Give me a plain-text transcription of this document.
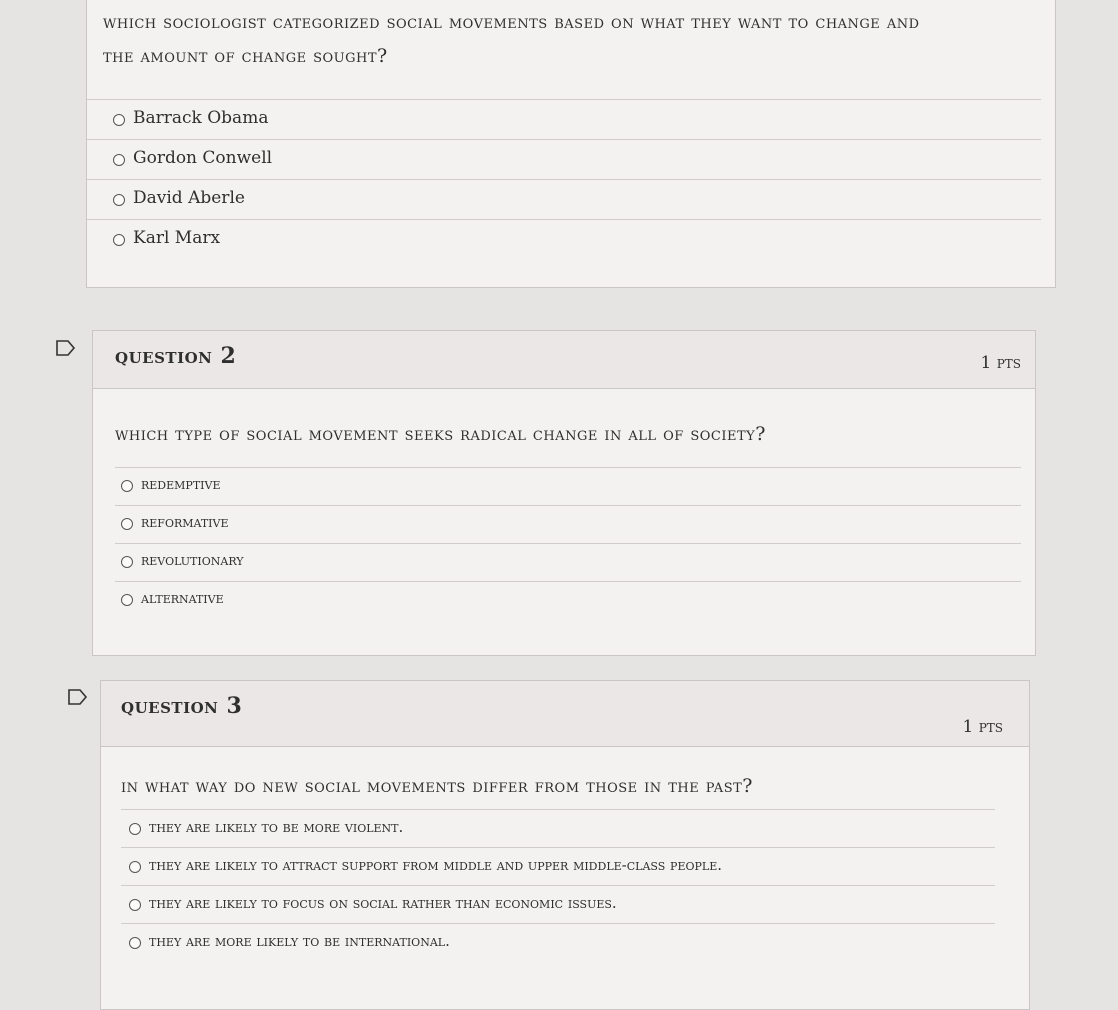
which sociologist categorized social movements based on what they want to change and
the amount of change sought?
Barrack Obama
Gordon Conwell
David Aberle
Karl Marx
question 2	1 pts
which type of social movement seeks radical change in all of society?
redemptive
reformative
revolutionary
alternative
question 3
1 pts
in what way do new social movements differ from those in the past?
they are likely to be more violent.
they are likely to attract support from middle and upper middle-class people.
they are likely to focus on social rather than economic issues.
they are more likely to be international.
